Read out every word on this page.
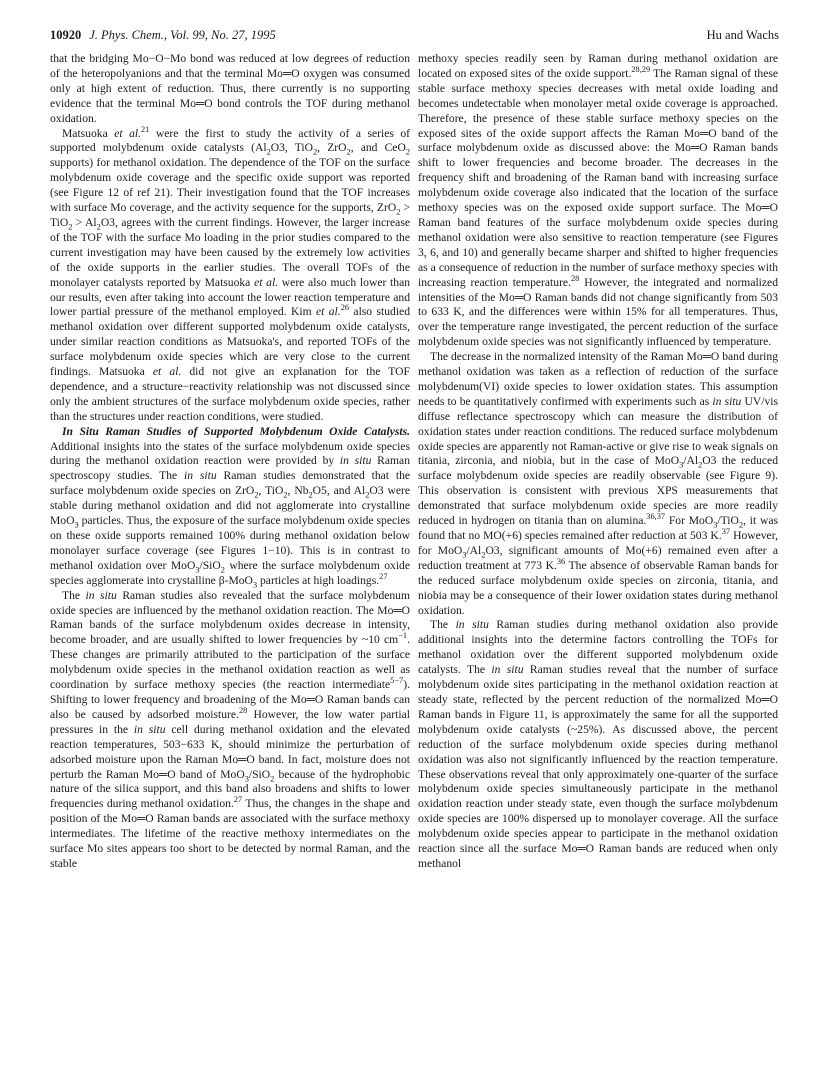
10920 J. Phys. Chem., Vol. 99, No. 27, 1995	Hu and Wachs

that the bridging Mo−O−Mo bond was reduced at low degrees of reduction of the heteropolyanions and that the terminal Mo═O oxygen was consumed only at high extent of reduction. Thus, there currently is no supporting evidence that the terminal Mo═O bond controls the TOF during methanol oxidation.

Matsuoka et al.$^{21}$ were the first to study the activity of a series of supported molybdenum oxide catalysts ($Al_2O3$, TiO$_2$, ZrO$_2$, and CeO$_2$ supports) for methanol oxidation. The dependence of the TOF on the surface molybdenum oxide coverage and the specific oxide support was reported (see Figure 12 of ref 21). Their investigation found that the TOF increases with surface Mo coverage, and the activity sequence for the supports, $ZrO_2 > TiO_2 > Al_2O3$, agrees with the current findings. However, the larger increase of the TOF with the surface Mo loading in the prior studies compared to the current investigation may have been caused by the extremely low activities of the oxide supports in the earlier studies. The overall TOFs of the monolayer catalysts reported by Matsuoka et al. were also much lower than our results, even after taking into account the lower reaction temperature and lower partial pressure of the methanol employed. Kim et al.$^{26}$ also studied methanol oxidation over different supported molybdenum oxide catalysts, under similar reaction conditions as Matsuoka's, and reported TOFs of the surface molybdenum oxide species which are very close to the current findings. Matsuoka et al. did not give an explanation for the TOF dependence, and a structure−reactivity relationship was not discussed since only the ambient structures of the surface molybdenum oxide species, rather than the structures under reaction conditions, were studied.

In Situ Raman Studies of Supported Molybdenum Oxide Catalysts. Additional insights into the states of the surface molybdenum oxide species during the methanol oxidation reaction were provided by in situ Raman spectroscopy studies. The in situ Raman studies demonstrated that the surface molybdenum oxide species on ZrO$_2$, TiO$_2$, $Nb_2O5$, and $Al_2O3$ were stable during methanol oxidation and did not agglomerate into crystalline MoO$_3$ particles. Thus, the exposure of the surface molybdenum oxide species on these oxide supports remained 100% during methanol oxidation below monolayer surface coverage (see Figures 1−10). This is in contrast to methanol oxidation over MoO$_3$/SiO$_2$ where the surface molybdenum oxide species agglomerate into crystalline β-MoO$_3$ particles at high loadings.$^{27}$

The in situ Raman studies also revealed that the surface molybdenum oxide species are influenced by the methanol oxidation reaction. The Mo═O Raman bands of the surface molybdenum oxides decrease in intensity, become broader, and are usually shifted to lower frequencies by ~10 $cm^{-1}$. These changes are primarily attributed to the participation of the surface molybdenum oxide species in the methanol oxidation reaction as well as coordination by surface methoxy species (the reaction intermediate$^{5-7}$). Shifting to lower frequency and broadening of the Mo═O Raman bands can also be caused by adsorbed moisture.$^{28}$ However, the low water partial pressures in the in situ cell during methanol oxidation and the elevated reaction temperatures, 503−633 K, should minimize the perturbation of adsorbed moisture upon the Raman Mo═O band. In fact, moisture does not perturb the Raman Mo═O band of MoO$_3$/SiO$_2$ because of the hydrophobic nature of the silica support, and this band also broadens and shifts to lower frequencies during methanol oxidation.$^{27}$ Thus, the changes in the shape and position of the Mo═O Raman bands are associated with the surface methoxy intermediates. The lifetime of the reactive methoxy intermediates on the surface Mo sites appears too short to be detected by normal Raman, and the stable

methoxy species readily seen by Raman during methanol oxidation are located on exposed sites of the oxide support.$^{28,29}$ The Raman signal of these stable surface methoxy species decreases with metal oxide loading and becomes undetectable when monolayer metal oxide coverage is approached. Therefore, the presence of these stable surface methoxy species on the exposed sites of the oxide support affects the Raman Mo═O band of the surface molybdenum oxide as discussed above: the Mo═O Raman bands shift to lower frequencies and become broader. The decreases in the frequency shift and broadening of the Raman band with increasing surface molybdenum oxide coverage also indicated that the location of the surface methoxy species was on the exposed oxide support surface. The Mo═O Raman band features of the surface molybdenum oxide species during methanol oxidation were also sensitive to reaction temperature (see Figures 3, 6, and 10) and generally became sharper and shifted to higher frequencies as a consequence of reduction in the number of surface methoxy species with increasing reaction temperature.$^{28}$ However, the integrated and normalized intensities of the Mo═O Raman bands did not change significantly from 503 to 633 K, and the differences were within 15% for all temperatures. Thus, over the temperature range investigated, the percent reduction of the surface molybdenum oxide species was not significantly influenced by temperature.

The decrease in the normalized intensity of the Raman Mo═O band during methanol oxidation was taken as a reflection of reduction of the surface molybdenum(VI) oxide species to lower oxidation states. This assumption needs to be quantitatively confirmed with experiments such as in situ UV/vis diffuse reflectance spectroscopy which can measure the distribution of oxidation states under reaction conditions. The reduced surface molybdenum oxide species are apparently not Raman-active or give rise to weak signals on titania, zirconia, and niobia, but in the case of $MoO_3/Al_2O3$ the reduced surface molybdenum oxide species are readily observable (see Figure 9). This observation is consistent with previous XPS measurements that demonstrated that surface molybdenum oxide species are more readily reduced in hydrogen on titania than on alumina.$^{36,37}$ For MoO$_3$/TiO$_2$, it was found that no MO(+6) species remained after reduction at 503 K.$^{37}$ However, for $MoO_3/Al_2O3$, significant amounts of Mo(+6) remained even after a reduction treatment at 773 K.$^{36}$ The absence of observable Raman bands for the reduced surface molybdenum oxide species on zirconia, titania, and niobia may be a consequence of their lower oxidation states during methanol oxidation.

The in situ Raman studies during methanol oxidation also provide additional insights into the determine factors controlling the TOFs for methanol oxidation over the different supported molybdenum oxide catalysts. The in situ Raman studies reveal that the number of surface molybdenum oxide sites participating in the methanol oxidation reaction at steady state, reflected by the percent reduction of the normalized Mo═O Raman bands in Figure 11, is approximately the same for all the supported molybdenum oxide catalysts (~25%). As discussed above, the percent reduction of the surface molybdenum oxide species during methanol oxidation was also not significantly influenced by the reaction temperature. These observations reveal that only approximately one-quarter of the surface molybdenum oxide species simultaneously participate in the methanol oxidation reaction under steady state, even though the surface molybdenum oxide species are 100% dispersed up to monolayer coverage. All the surface molybdenum oxide species appear to participate in the methanol oxidation reaction since all the surface Mo═O Raman bands are reduced when only methanol
